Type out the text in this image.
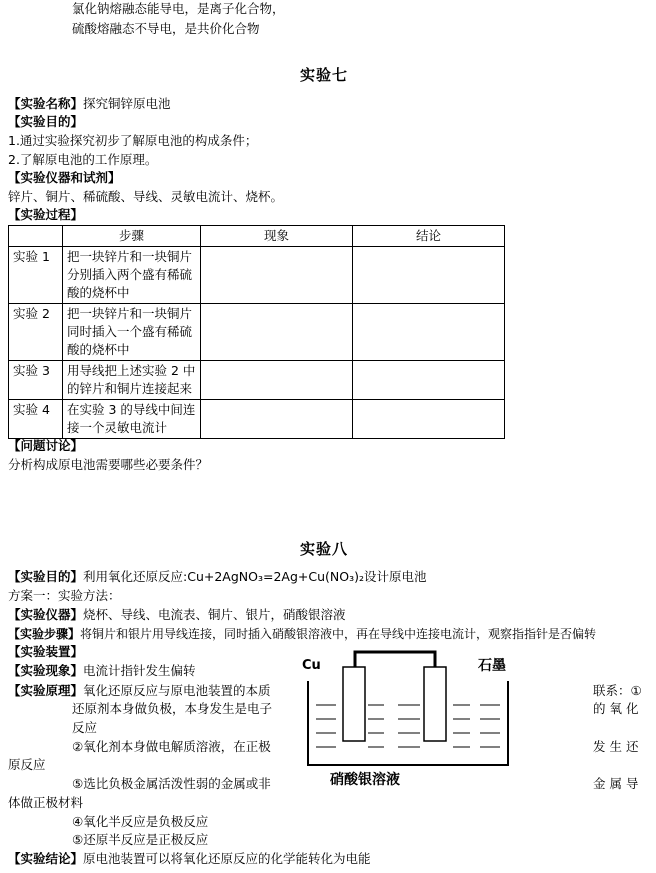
氯化钠熔融态能导电，是离子化合物，
硫酸熔融态不导电，是共价化合物
实验七
【实验名称】探究铜锌原电池
【实验目的】
1.通过实验探究初步了解原电池的构成条件；
2.了解原电池的工作原理。
【实验仪器和试剂】
锌片、铜片、稀硫酸、导线、灵敏电流计、烧杯。
【实验过程】
	步骤	现象	结论
实验 1	把一块锌片和一块铜片分别插入两个盛有稀硫酸的烧杯中		
实验 2	把一块锌片和一块铜片同时插入一个盛有稀硫酸的烧杯中		
实验 3	用导线把上述实验 2 中的锌片和铜片连接起来		
实验 4	在实验 3 的导线中间连接一个灵敏电流计		
【问题讨论】
分析构成原电池需要哪些必要条件？
实验八
【实验目的】利用氧化还原反应:Cu+2AgNO₃=2Ag+Cu(NO₃)₂设计原电池
方案一：实验方法：
【实验仪器】烧杯、导线、电流表、铜片、银片，硝酸银溶液
【实验步骤】将铜片和银片用导线连接，同时插入硝酸银溶液中，再在导线中连接电流计，观察指指针是否偏转
【实验装置】
【实验现象】电流计指针发生偏转
【实验原理】氧化还原反应与原电池装置的本质
还原剂本身做负极，本身发生是电子
反应
②氧化剂本身做电解质溶液，在正极
原反应
⑤选比负极金属活泼性弱的金属或非
体做正极材料
④氧化半反应是负极反应
⑤还原半反应是正极反应
联系：①
的 氧 化
发 生 还
金 属 导
【实验结论】原电池装置可以将氧化还原反应的化学能转化为电能
Cu	石墨
硝酸银溶液
